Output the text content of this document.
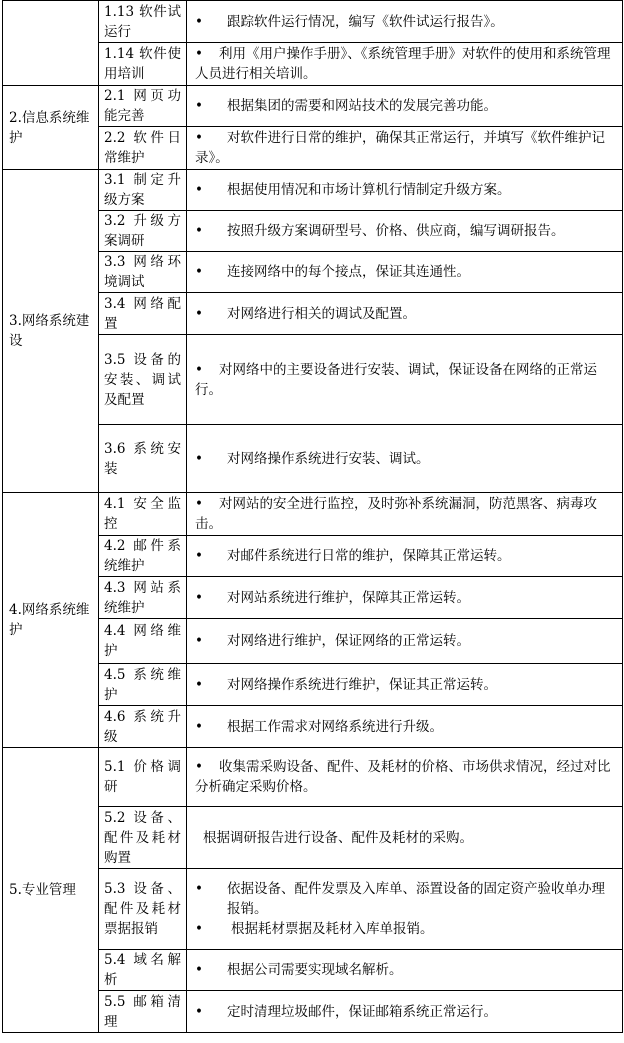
	1.13 软件试运行	• 跟踪软件运行情况，编写《软件试运行报告》。
	1.14 软件使用培训	• 利用《用户操作手册》、《系统管理手册》对软件的使用和系统管理人员进行相关培训。
2.信息系统维护	2.1 网页功能完善	• 根据集团的需要和网站技术的发展完善功能。
	2.2 软件日常维护	• 对软件进行日常的维护，确保其正常运行，并填写《软件维护记录》。
3.网络系统建设	3.1 制定升级方案	• 根据使用情况和市场计算机行情制定升级方案。
	3.2 升级方案调研	• 按照升级方案调研型号、价格、供应商，编写调研报告。
	3.3 网络环境调试	• 连接网络中的每个接点，保证其连通性。
	3.4 网络配置	• 对网络进行相关的调试及配置。
	3.5 设备的安装、调试及配置	• 对网络中的主要设备进行安装、调试，保证设备在网络的正常运行。
	3.6 系统安装	• 对网络操作系统进行安装、调试。
4.网络系统维护	4.1 安全监控	• 对网站的安全进行监控，及时弥补系统漏洞，防范黑客、病毒攻击。
	4.2 邮件系统维护	• 对邮件系统进行日常的维护，保障其正常运转。
	4.3 网站系统维护	• 对网站系统进行维护，保障其正常运转。
	4.4 网络维护	• 对网络进行维护，保证网络的正常运转。
	4.5 系统维护	• 对网络操作系统进行维护，保证其正常运转。
	4.6 系统升级	• 根据工作需求对网络系统进行升级。
5.专业管理	5.1 价格调研	• 收集需采购设备、配件、及耗材的价格、市场供求情况，经过对比分析确定采购价格。
	5.2 设备、配件及耗材购置	根据调研报告进行设备、配件及耗材的采购。
	5.3 设备、配件及耗材票据报销	• 依据设备、配件发票及入库单、添置设备的固定资产验收单办理报销。
• 根据耗材票据及耗材入库单报销。

	5.4 域名解析	• 根据公司需要实现域名解析。
	5.5 邮箱清理	• 定时清理垃圾邮件，保证邮箱系统正常运行。
